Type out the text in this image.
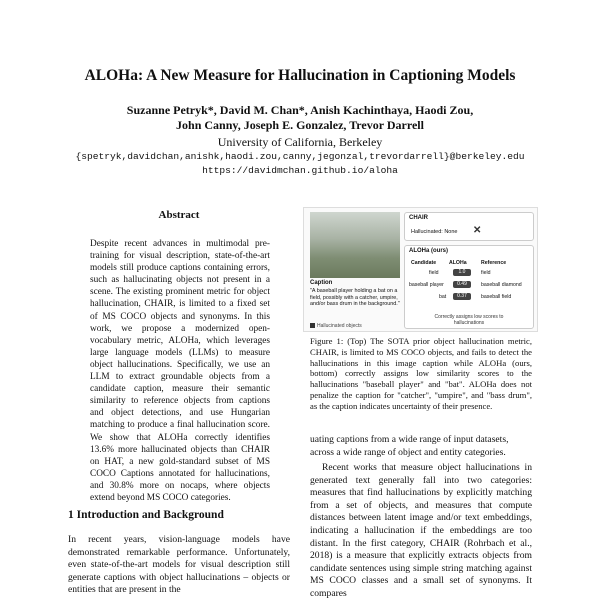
ALOHa: A New Measure for Hallucination in Captioning Models
Suzanne Petryk*, David M. Chan*, Anish Kachinthaya, Haodi Zou,
John Canny, Joseph E. Gonzalez, Trevor Darrell
University of California, Berkeley
{spetryk,davidchan,anishk,haodi.zou,canny,jegonzal,trevordarrell}@berkeley.edu
https://davidmchan.github.io/aloha
Abstract
Despite recent advances in multimodal pre-training for visual description, state-of-the-art models still produce captions containing errors, such as hallucinating objects not present in a scene. The existing prominent metric for object hallucination, CHAIR, is limited to a fixed set of MS COCO objects and synonyms. In this work, we propose a modernized open-vocabulary metric, ALOHa, which leverages large language models (LLMs) to measure object hallucinations. Specifically, we use an LLM to extract groundable objects from a candidate caption, measure their semantic similarity to reference objects from captions and object detections, and use Hungarian matching to produce a final hallucination score. We show that ALOHa correctly identifies 13.6% more hallucinated objects than CHAIR on HAT, a new gold-standard subset of MS COCO Captions annotated for hallucinations, and 30.8% more on nocaps, where objects extend beyond MS COCO categories.
1 Introduction and Background
In recent years, vision-language models have demonstrated remarkable performance. Unfortunately, even state-of-the-art models for visual description still generate captions with object hallucinations – objects or entities that are present in the
Caption
"A baseball player holding a bat on a field, possibly with a catcher, umpire, and/or bass drum in the background."
Hallucinated objects
CHAIR
Hallucinated: None ✕
ALOHa (ours)
Candidate ALOHa	Reference
field	1.0	field
baseball player	0.49	baseball diamond
bat	0.37	baseball field
Correctly assigns low scores to hallucinations
Figure 1: (Top) The SOTA prior object hallucination metric, CHAIR, is limited to MS COCO objects, and fails to detect the hallucinations in this image caption while ALOHa (ours, bottom) correctly assigns low similarity scores to the hallucinations "baseball player" and "bat". ALOHa does not penalize the caption for "catcher", "umpire", and "bass drum", as the caption indicates uncertainty of their presence.
uating captions from a wide range of input datasets, across a wide range of object and entity categories.
Recent works that measure object hallucinations in generated text generally fall into two categories: measures that find hallucinations by explicitly matching from a set of objects, and measures that compute distances between latent image and/or text embeddings, indicating a hallucination if the embeddings are too distant. In the first category, CHAIR (Rohrbach et al., 2018) is a measure that explicitly extracts objects from candidate sentences using simple string matching against MS COCO classes and a small set of synonyms. It compares
